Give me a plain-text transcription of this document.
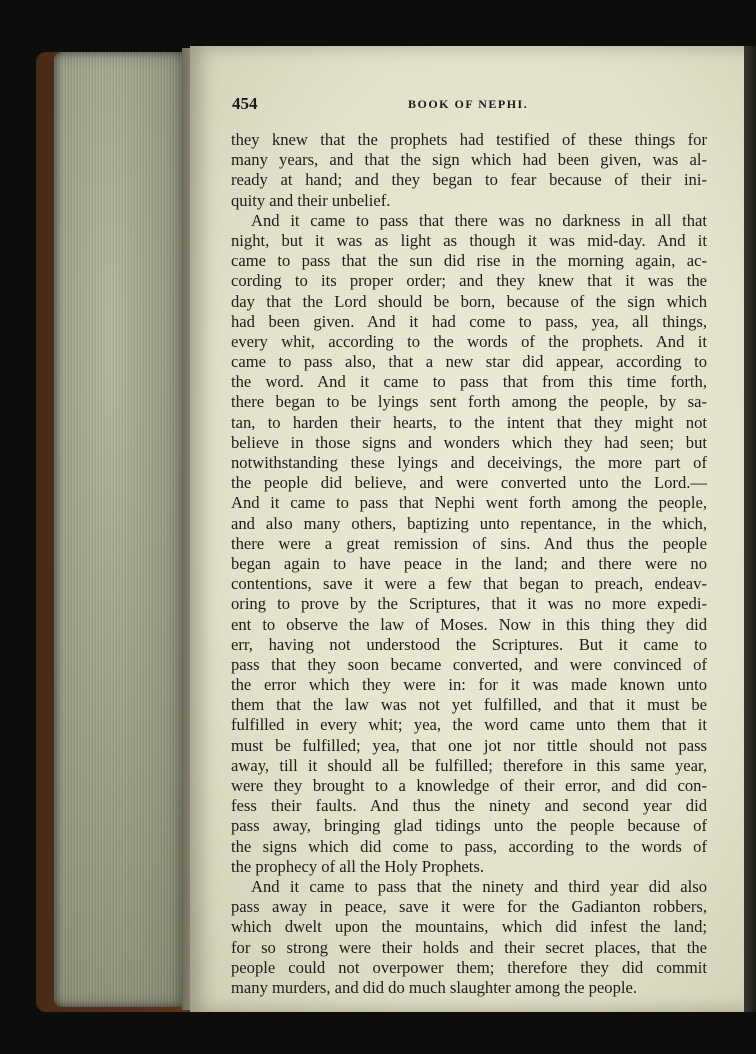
454	BOOK OF NEPHI.
they knew that the prophets had testified of these things for
many years, and that the sign which had been given, was al-
ready at hand; and they began to fear because of their ini-
quity and their unbelief.
And it came to pass that there was no darkness in all that
night, but it was as light as though it was mid-day. And it
came to pass that the sun did rise in the morning again, ac-
cording to its proper order; and they knew that it was the
day that the Lord should be born, because of the sign which
had been given. And it had come to pass, yea, all things,
every whit, according to the words of the prophets. And it
came to pass also, that a new star did appear, according to
the word. And it came to pass that from this time forth,
there began to be lyings sent forth among the people, by sa-
tan, to harden their hearts, to the intent that they might not
believe in those signs and wonders which they had seen; but
notwithstanding these lyings and deceivings, the more part of
the people did believe, and were converted unto the Lord.—
And it came to pass that Nephi went forth among the people,
and also many others, baptizing unto repentance, in the which,
there were a great remission of sins. And thus the people
began again to have peace in the land; and there were no
contentions, save it were a few that began to preach, endeav-
oring to prove by the Scriptures, that it was no more expedi-
ent to observe the law of Moses. Now in this thing they did
err, having not understood the Scriptures. But it came to
pass that they soon became converted, and were convinced of
the error which they were in: for it was made known unto
them that the law was not yet fulfilled, and that it must be
fulfilled in every whit; yea, the word came unto them that it
must be fulfilled; yea, that one jot nor tittle should not pass
away, till it should all be fulfilled; therefore in this same year,
were they brought to a knowledge of their error, and did con-
fess their faults. And thus the ninety and second year did
pass away, bringing glad tidings unto the people because of
the signs which did come to pass, according to the words of
the prophecy of all the Holy Prophets.
And it came to pass that the ninety and third year did also
pass away in peace, save it were for the Gadianton robbers,
which dwelt upon the mountains, which did infest the land;
for so strong were their holds and their secret places, that the
people could not overpower them; therefore they did commit
many murders, and did do much slaughter among the people.
